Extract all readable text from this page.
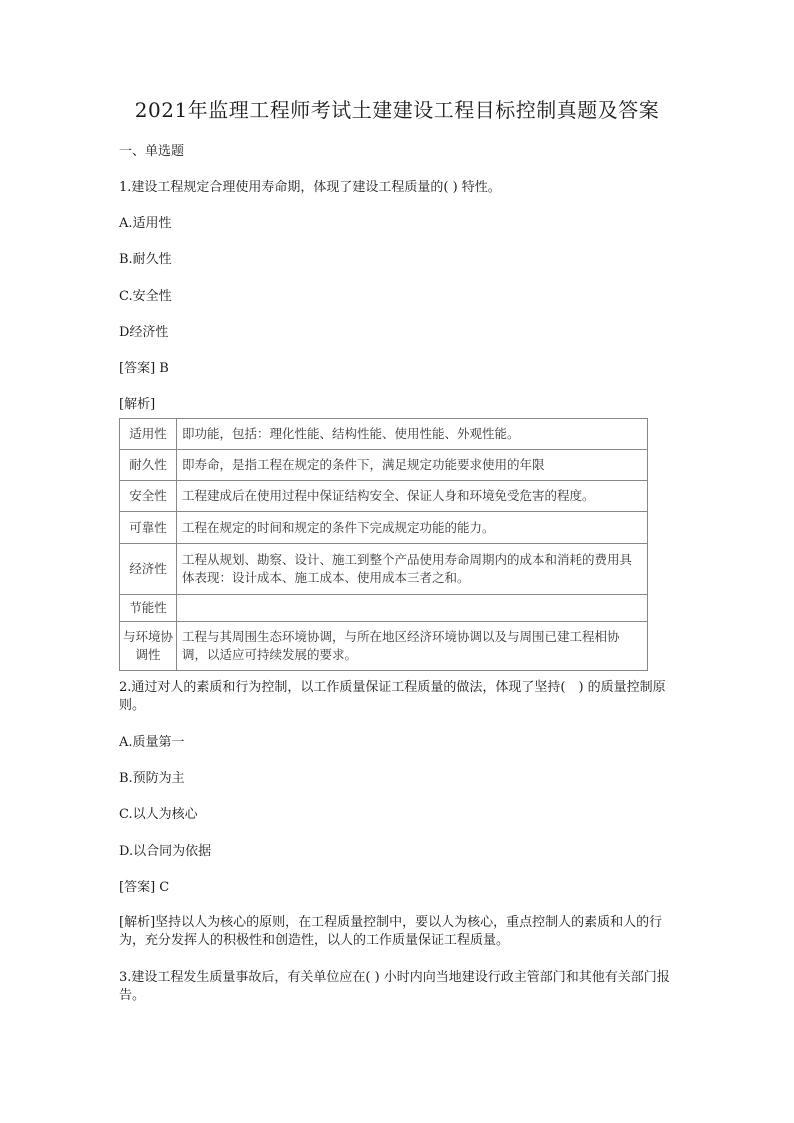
2021年监理工程师考试土建建设工程目标控制真题及答案
一、单选题
1.建设工程规定合理使用寿命期，体现了建设工程质量的( ) 特性。
A.适用性
B.耐久性
C.安全性
D经济性
[答案] B
[解析]
适用性	即功能，包括：理化性能、结构性能、使用性能、外观性能。
耐久性	即寿命，是指工程在规定的条件下，满足规定功能要求使用的年限
安全性	工程建成后在使用过程中保证结构安全、保证人身和环境免受危害的程度。
可靠性	工程在规定的时间和规定的条件下完成规定功能的能力。
经济性	工程从规划、勘察、设计、施工到整个产品使用寿命周期内的成本和消耗的费用具体表现：设计成本、施工成本、使用成本三者之和。
节能性	
与环境协调性	工程与其周围生态环境协调，与所在地区经济环境协调以及与周围已建工程相协调，以适应可持续发展的要求。
2.通过对人的素质和行为控制，以工作质量保证工程质量的做法，体现了坚持(　) 的质量控制原则。
A.质量第一
B.预防为主
C.以人为核心
D.以合同为依据
[答案] C
[解析]坚持以人为核心的原则，在工程质量控制中，要以人为核心，重点控制人的素质和人的行为，充分发挥人的积极性和创造性，以人的工作质量保证工程质量。
3.建设工程发生质量事故后，有关单位应在( ) 小时内向当地建设行政主管部门和其他有关部门报告。
